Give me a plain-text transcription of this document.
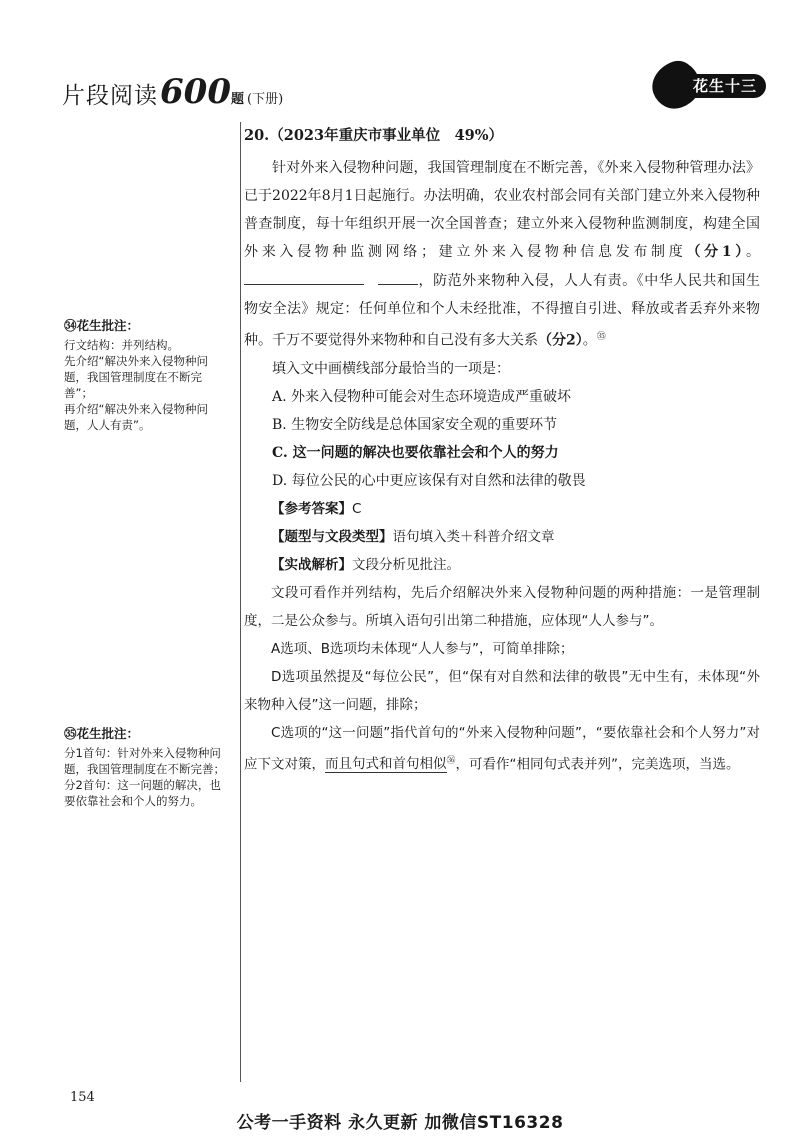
片段阅读 600 题 (下册)
花生十三

20.（2023年重庆市事业单位　49%）

针对外来入侵物种问题，我国管理制度在不断完善，《外来入侵物种管理办法》已于2022年8月1日起施行。办法明确，农业农村部会同有关部门建立外来入侵物种普查制度，每十年组织开展一次全国普查；建立外来入侵物种监测制度，构建全国外来入侵物种监测网络；建立外来入侵物种信息发布制度（分1）。，防范外来物种入侵，人人有责。《中华人民共和国生物安全法》规定：任何单位和个人未经批准，不得擅自引进、释放或者丢弃外来物种。千万不要觉得外来物种和自己没有多大关系（分2）。$^㉟$

填入文中画横线部分最恰当的一项是：

A. 外来入侵物种可能会对生态环境造成严重破坏

B. 生物安全防线是总体国家安全观的重要环节

C. 这一问题的解决也要依靠社会和个人的努力

D. 每位公民的心中更应该保有对自然和法律的敬畏

【参考答案】C

【题型与文段类型】语句填入类＋科普介绍文章

【实战解析】文段分析见批注。

文段可看作并列结构，先后介绍解决外来入侵物种问题的两种措施：一是管理制度，二是公众参与。所填入语句引出第二种措施，应体现“人人参与”。

A选项、B选项均未体现“人人参与”，可简单排除；

D选项虽然提及“每位公民”，但“保有对自然和法律的敬畏”无中生有，未体现“外来物种入侵”这一问题，排除；

C选项的“这一问题”指代首句的“外来入侵物种问题”，“要依靠社会和个人努力”对应下文对策，而且句式和首句相似$^㊱$，可看作“相同句式表并列”，完美选项，当选。

㉞花生批注：
行文结构：并列结构。
先介绍“解决外来入侵物种问题，我国管理制度在不断完善”；
再介绍“解决外来入侵物种问题，人人有责”。
㉟花生批注：
分1首句：针对外来入侵物种问题，我国管理制度在不断完善；
分2首句：这一问题的解决，也要依靠社会和个人的努力。
154
公考一手资料 永久更新 加微信ST16328
